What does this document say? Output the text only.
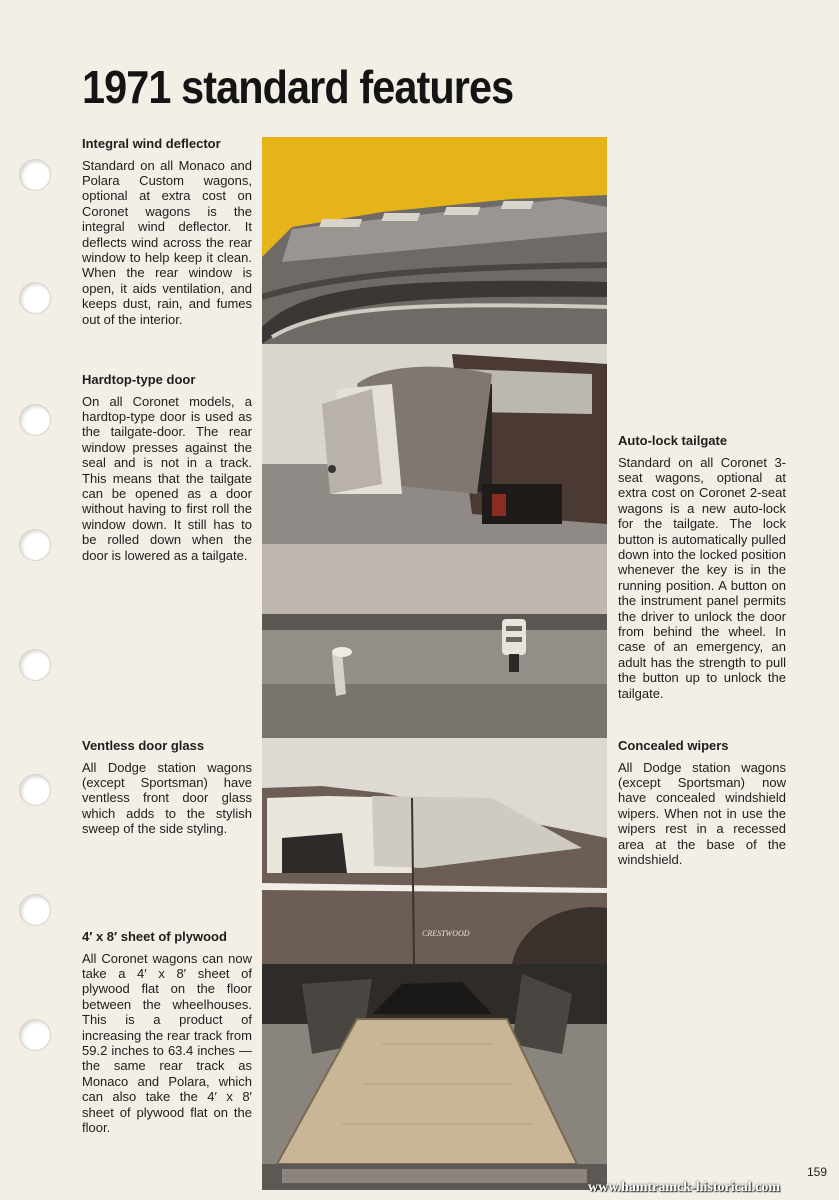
1971 standard features
Integral wind deflector

Standard on all Monaco and Polara Custom wagons, optional at extra cost on Coronet wagons is the integral wind deflector. It deflects wind across the rear window to help keep it clean. When the rear window is open, it aids ventilation, and keeps dust, rain, and fumes out of the interior.

Hardtop-type door

On all Coronet models, a hardtop-type door is used as the tailgate-door. The rear window presses against the seal and is not in a track. This means that the tailgate can be opened as a door without having to first roll the window down. It still has to be rolled down when the door is lowered as a tailgate.

Ventless door glass

All Dodge station wagons (except Sportsman) have ventless front door glass which adds to the stylish sweep of the side styling.

4′ x 8′ sheet of plywood

All Coronet wagons can now take a 4′ x 8′ sheet of plywood flat on the floor between the wheelhouses. This is a product of increasing the rear track from 59.2 inches to 63.4 inches — the same rear track as Monaco and Polara, which can also take the 4′ x 8′ sheet of plywood flat on the floor.

Auto-lock tailgate

Standard on all Coronet 3-seat wagons, optional at extra cost on Coronet 2-seat wagons is a new auto-lock for the tailgate. The lock button is automatically pulled down into the locked position whenever the key is in the running position. A button on the instrument panel permits the driver to unlock the door from behind the wheel. In case of an emergency, an adult has the strength to pull the button up to unlock the tailgate.

Concealed wipers

All Dodge station wagons (except Sportsman) now have concealed windshield wipers. When not in use the wipers rest in a recessed area at the base of the windshield.

CRESTWOOD
159
www.hamtramck-historical.com
